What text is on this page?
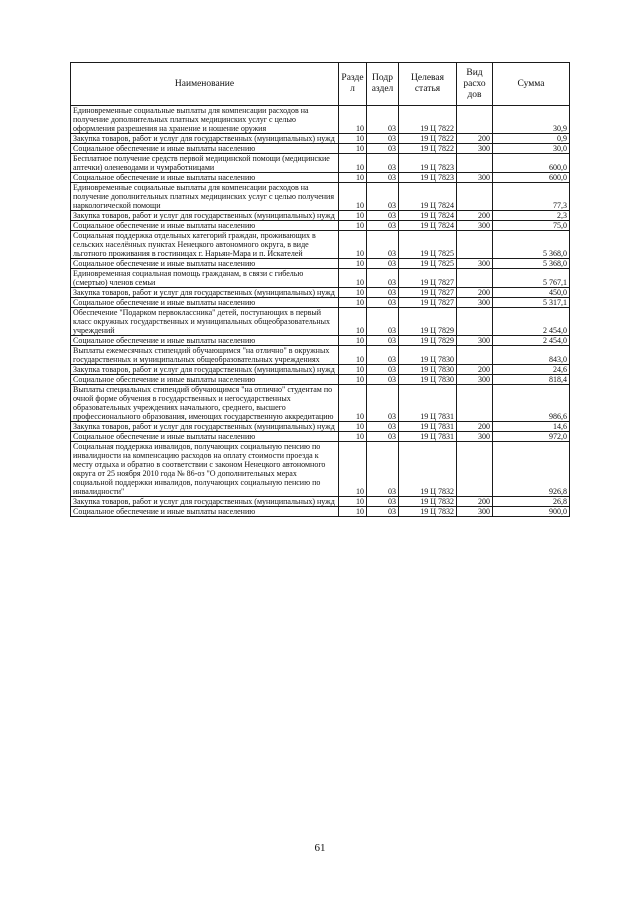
Наименование	Разде л	Подр аздел	Целевая статья	Вид расхо дов	Сумма
Единовременные социальные выплаты для компенсации расходов на получение дополнительных платных медицинских услуг с целью оформления разрешения на хранение и ношение оружия	10	03	19 Ц 7822		30,9
Закупка товаров, работ и услуг для государственных (муниципальных) нужд	10	03	19 Ц 7822	200	0,9
Социальное обеспечение и иные выплаты населению	10	03	19 Ц 7822	300	30,0
Бесплатное получение средств первой медицинской помощи (медицинские аптечки) оленеводами и чумработницами	10	03	19 Ц 7823		600,0
Социальное обеспечение и иные выплаты населению	10	03	19 Ц 7823	300	600,0
Единовременные социальные выплаты для компенсации расходов на получение дополнительных платных медицинских услуг с целью получения наркологической помощи	10	03	19 Ц 7824		77,3
Закупка товаров, работ и услуг для государственных (муниципальных) нужд	10	03	19 Ц 7824	200	2,3
Социальное обеспечение и иные выплаты населению	10	03	19 Ц 7824	300	75,0
Социальная поддержка отдельных категорий граждан, проживающих в сельских населённых пунктах Ненецкого автономного округа, в виде льготного проживания в гостиницах г. Нарьян-Мара и п. Искателей	10	03	19 Ц 7825		5 368,0
Социальное обеспечение и иные выплаты населению	10	03	19 Ц 7825	300	5 368,0
Единовременная социальная помощь гражданам, в связи с гибелью (смертью) членов семьи	10	03	19 Ц 7827		5 767,1
Закупка товаров, работ и услуг для государственных (муниципальных) нужд	10	03	19 Ц 7827	200	450,0
Социальное обеспечение и иные выплаты населению	10	03	19 Ц 7827	300	5 317,1
Обеспечение "Подарком первоклассника" детей, поступающих в первый класс окружных государственных и муниципальных общеобразовательных учреждений	10	03	19 Ц 7829		2 454,0
Социальное обеспечение и иные выплаты населению	10	03	19 Ц 7829	300	2 454,0
Выплаты ежемесячных стипендий обучающимся "на отлично" в окружных государственных и муниципальных общеобразовательных учреждениях	10	03	19 Ц 7830		843,0
Закупка товаров, работ и услуг для государственных (муниципальных) нужд	10	03	19 Ц 7830	200	24,6
Социальное обеспечение и иные выплаты населению	10	03	19 Ц 7830	300	818,4
Выплаты специальных стипендий обучающимся "на отлично" студентам по очной форме обучения в государственных и негосударственных образовательных учреждениях начального, среднего, высшего профессионального образования, имеющих государственную аккредитацию	10	03	19 Ц 7831		986,6
Закупка товаров, работ и услуг для государственных (муниципальных) нужд	10	03	19 Ц 7831	200	14,6
Социальное обеспечение и иные выплаты населению	10	03	19 Ц 7831	300	972,0
Социальная поддержка инвалидов, получающих социальную пенсию по инвалидности на компенсацию расходов на оплату стоимости проезда к месту отдыха и обратно в соответствии с законом Ненецкого автономного округа от 25 ноября 2010 года № 86-оз "О дополнительных мерах социальной поддержки инвалидов, получающих социальную пенсию по инвалидности"	10	03	19 Ц 7832		926,8
Закупка товаров, работ и услуг для государственных (муниципальных) нужд	10	03	19 Ц 7832	200	26,8
Социальное обеспечение и иные выплаты населению	10	03	19 Ц 7832	300	900,0
61
